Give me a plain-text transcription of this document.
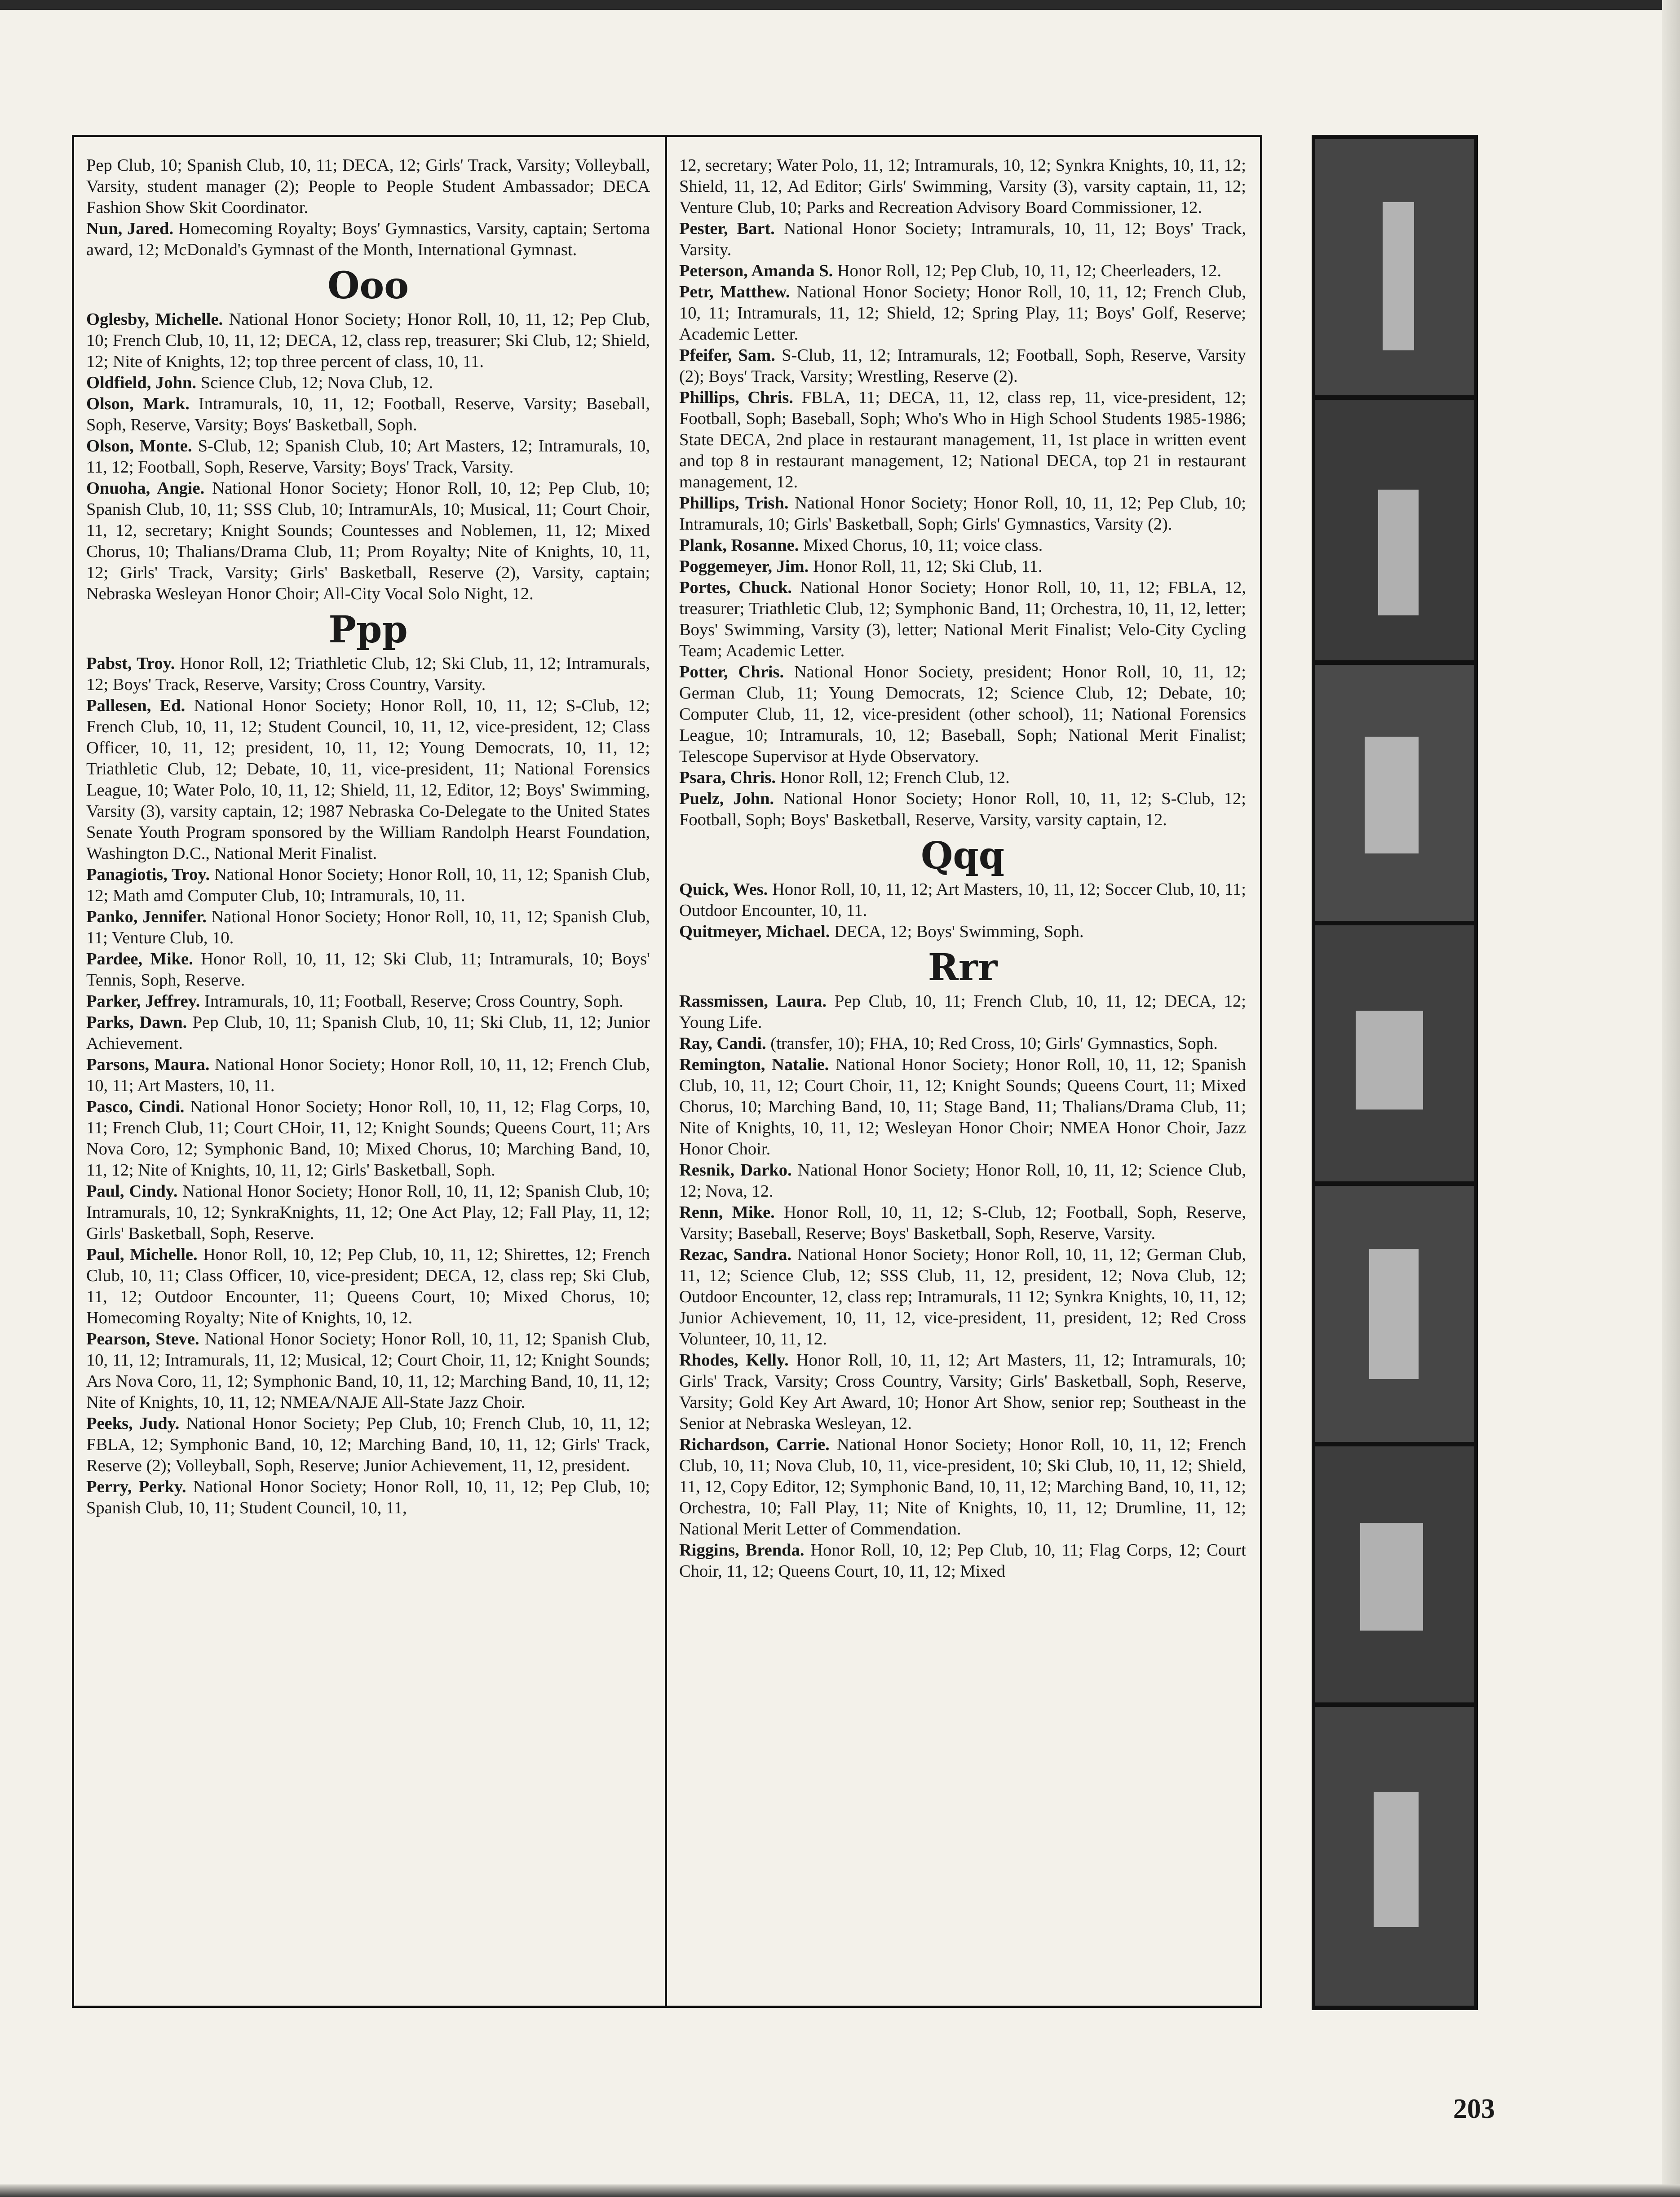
Pep Club, 10; Spanish Club, 10, 11; DECA, 12; Girls' Track, Varsity; Volleyball, Varsity, student manager (2); People to People Student Ambassador; DECA Fashion Show Skit Coordinator.

Nun, Jared. Homecoming Royalty; Boys' Gymnastics, Varsity, captain; Sertoma award, 12; McDonald's Gymnast of the Month, International Gymnast.

Ooo

Oglesby, Michelle. National Honor Society; Honor Roll, 10, 11, 12; Pep Club, 10; French Club, 10, 11, 12; DECA, 12, class rep, treasurer; Ski Club, 12; Shield, 12; Nite of Knights, 12; top three percent of class, 10, 11.

Oldfield, John. Science Club, 12; Nova Club, 12.

Olson, Mark. Intramurals, 10, 11, 12; Football, Reserve, Varsity; Baseball, Soph, Reserve, Varsity; Boys' Basketball, Soph.

Olson, Monte. S-Club, 12; Spanish Club, 10; Art Masters, 12; Intramurals, 10, 11, 12; Football, Soph, Reserve, Varsity; Boys' Track, Varsity.

Onuoha, Angie. National Honor Society; Honor Roll, 10, 12; Pep Club, 10; Spanish Club, 10, 11; SSS Club, 10; IntramurAls, 10; Musical, 11; Court Choir, 11, 12, secretary; Knight Sounds; Countesses and Noblemen, 11, 12; Mixed Chorus, 10; Thalians/Drama Club, 11; Prom Royalty; Nite of Knights, 10, 11, 12; Girls' Track, Varsity; Girls' Basketball, Reserve (2), Varsity, captain; Nebraska Wesleyan Honor Choir; All-City Vocal Solo Night, 12.

Ppp

Pabst, Troy. Honor Roll, 12; Triathletic Club, 12; Ski Club, 11, 12; Intramurals, 12; Boys' Track, Reserve, Varsity; Cross Country, Varsity.

Pallesen, Ed. National Honor Society; Honor Roll, 10, 11, 12; S-Club, 12; French Club, 10, 11, 12; Student Council, 10, 11, 12, vice-president, 12; Class Officer, 10, 11, 12; president, 10, 11, 12; Young Democrats, 10, 11, 12; Triathletic Club, 12; Debate, 10, 11, vice-president, 11; National Forensics League, 10; Water Polo, 10, 11, 12; Shield, 11, 12, Editor, 12; Boys' Swimming, Varsity (3), varsity captain, 12; 1987 Nebraska Co-Delegate to the United States Senate Youth Program sponsored by the William Randolph Hearst Foundation, Washington D.C., National Merit Finalist.

Panagiotis, Troy. National Honor Society; Honor Roll, 10, 11, 12; Spanish Club, 12; Math amd Computer Club, 10; Intramurals, 10, 11.

Panko, Jennifer. National Honor Society; Honor Roll, 10, 11, 12; Spanish Club, 11; Venture Club, 10.

Pardee, Mike. Honor Roll, 10, 11, 12; Ski Club, 11; Intramurals, 10; Boys' Tennis, Soph, Reserve.

Parker, Jeffrey. Intramurals, 10, 11; Football, Reserve; Cross Country, Soph.

Parks, Dawn. Pep Club, 10, 11; Spanish Club, 10, 11; Ski Club, 11, 12; Junior Achievement.

Parsons, Maura. National Honor Society; Honor Roll, 10, 11, 12; French Club, 10, 11; Art Masters, 10, 11.

Pasco, Cindi. National Honor Society; Honor Roll, 10, 11, 12; Flag Corps, 10, 11; French Club, 11; Court CHoir, 11, 12; Knight Sounds; Queens Court, 11; Ars Nova Coro, 12; Symphonic Band, 10; Mixed Chorus, 10; Marching Band, 10, 11, 12; Nite of Knights, 10, 11, 12; Girls' Basketball, Soph.

Paul, Cindy. National Honor Society; Honor Roll, 10, 11, 12; Spanish Club, 10; Intramurals, 10, 12; SynkraKnights, 11, 12; One Act Play, 12; Fall Play, 11, 12; Girls' Basketball, Soph, Reserve.

Paul, Michelle. Honor Roll, 10, 12; Pep Club, 10, 11, 12; Shirettes, 12; French Club, 10, 11; Class Officer, 10, vice-president; DECA, 12, class rep; Ski Club, 11, 12; Outdoor Encounter, 11; Queens Court, 10; Mixed Chorus, 10; Homecoming Royalty; Nite of Knights, 10, 12.

Pearson, Steve. National Honor Society; Honor Roll, 10, 11, 12; Spanish Club, 10, 11, 12; Intramurals, 11, 12; Musical, 12; Court Choir, 11, 12; Knight Sounds; Ars Nova Coro, 11, 12; Symphonic Band, 10, 11, 12; Marching Band, 10, 11, 12; Nite of Knights, 10, 11, 12; NMEA/NAJE All-State Jazz Choir.

Peeks, Judy. National Honor Society; Pep Club, 10; French Club, 10, 11, 12; FBLA, 12; Symphonic Band, 10, 12; Marching Band, 10, 11, 12; Girls' Track, Reserve (2); Volleyball, Soph, Reserve; Junior Achievement, 11, 12, president.

Perry, Perky. National Honor Society; Honor Roll, 10, 11, 12; Pep Club, 10; Spanish Club, 10, 11; Student Council, 10, 11,

12, secretary; Water Polo, 11, 12; Intramurals, 10, 12; Synkra Knights, 10, 11, 12; Shield, 11, 12, Ad Editor; Girls' Swimming, Varsity (3), varsity captain, 11, 12; Venture Club, 10; Parks and Recreation Advisory Board Commissioner, 12.

Pester, Bart. National Honor Society; Intramurals, 10, 11, 12; Boys' Track, Varsity.

Peterson, Amanda S. Honor Roll, 12; Pep Club, 10, 11, 12; Cheerleaders, 12.

Petr, Matthew. National Honor Society; Honor Roll, 10, 11, 12; French Club, 10, 11; Intramurals, 11, 12; Shield, 12; Spring Play, 11; Boys' Golf, Reserve; Academic Letter.

Pfeifer, Sam. S-Club, 11, 12; Intramurals, 12; Football, Soph, Reserve, Varsity (2); Boys' Track, Varsity; Wrestling, Reserve (2).

Phillips, Chris. FBLA, 11; DECA, 11, 12, class rep, 11, vice-president, 12; Football, Soph; Baseball, Soph; Who's Who in High School Students 1985-1986; State DECA, 2nd place in restaurant management, 11, 1st place in written event and top 8 in restaurant management, 12; National DECA, top 21 in restaurant management, 12.

Phillips, Trish. National Honor Society; Honor Roll, 10, 11, 12; Pep Club, 10; Intramurals, 10; Girls' Basketball, Soph; Girls' Gymnastics, Varsity (2).

Plank, Rosanne. Mixed Chorus, 10, 11; voice class.

Poggemeyer, Jim. Honor Roll, 11, 12; Ski Club, 11.

Portes, Chuck. National Honor Society; Honor Roll, 10, 11, 12; FBLA, 12, treasurer; Triathletic Club, 12; Symphonic Band, 11; Orchestra, 10, 11, 12, letter; Boys' Swimming, Varsity (3), letter; National Merit Finalist; Velo-City Cycling Team; Academic Letter.

Potter, Chris. National Honor Society, president; Honor Roll, 10, 11, 12; German Club, 11; Young Democrats, 12; Science Club, 12; Debate, 10; Computer Club, 11, 12, vice-president (other school), 11; National Forensics League, 10; Intramurals, 10, 12; Baseball, Soph; National Merit Finalist; Telescope Supervisor at Hyde Observatory.

Psara, Chris. Honor Roll, 12; French Club, 12.

Puelz, John. National Honor Society; Honor Roll, 10, 11, 12; S-Club, 12; Football, Soph; Boys' Basketball, Reserve, Varsity, varsity captain, 12.

Qqq

Quick, Wes. Honor Roll, 10, 11, 12; Art Masters, 10, 11, 12; Soccer Club, 10, 11; Outdoor Encounter, 10, 11.

Quitmeyer, Michael. DECA, 12; Boys' Swimming, Soph.

Rrr

Rassmissen, Laura. Pep Club, 10, 11; French Club, 10, 11, 12; DECA, 12; Young Life.

Ray, Candi. (transfer, 10); FHA, 10; Red Cross, 10; Girls' Gymnastics, Soph.

Remington, Natalie. National Honor Society; Honor Roll, 10, 11, 12; Spanish Club, 10, 11, 12; Court Choir, 11, 12; Knight Sounds; Queens Court, 11; Mixed Chorus, 10; Marching Band, 10, 11; Stage Band, 11; Thalians/Drama Club, 11; Nite of Knights, 10, 11, 12; Wesleyan Honor Choir; NMEA Honor Choir, Jazz Honor Choir.

Resnik, Darko. National Honor Society; Honor Roll, 10, 11, 12; Science Club, 12; Nova, 12.

Renn, Mike. Honor Roll, 10, 11, 12; S-Club, 12; Football, Soph, Reserve, Varsity; Baseball, Reserve; Boys' Basketball, Soph, Reserve, Varsity.

Rezac, Sandra. National Honor Society; Honor Roll, 10, 11, 12; German Club, 11, 12; Science Club, 12; SSS Club, 11, 12, president, 12; Nova Club, 12; Outdoor Encounter, 12, class rep; Intramurals, 11 12; Synkra Knights, 10, 11, 12; Junior Achievement, 10, 11, 12, vice-president, 11, president, 12; Red Cross Volunteer, 10, 11, 12.

Rhodes, Kelly. Honor Roll, 10, 11, 12; Art Masters, 11, 12; Intramurals, 10; Girls' Track, Varsity; Cross Country, Varsity; Girls' Basketball, Soph, Reserve, Varsity; Gold Key Art Award, 10; Honor Art Show, senior rep; Southeast in the Senior at Nebraska Wesleyan, 12.

Richardson, Carrie. National Honor Society; Honor Roll, 10, 11, 12; French Club, 10, 11; Nova Club, 10, 11, vice-president, 10; Ski Club, 10, 11, 12; Shield, 11, 12, Copy Editor, 12; Symphonic Band, 10, 11, 12; Marching Band, 10, 11, 12; Orchestra, 10; Fall Play, 11; Nite of Knights, 10, 11, 12; Drumline, 11, 12; National Merit Letter of Commendation.

Riggins, Brenda. Honor Roll, 10, 12; Pep Club, 10, 11; Flag Corps, 12; Court Choir, 11, 12; Queens Court, 10, 11, 12; Mixed

203
